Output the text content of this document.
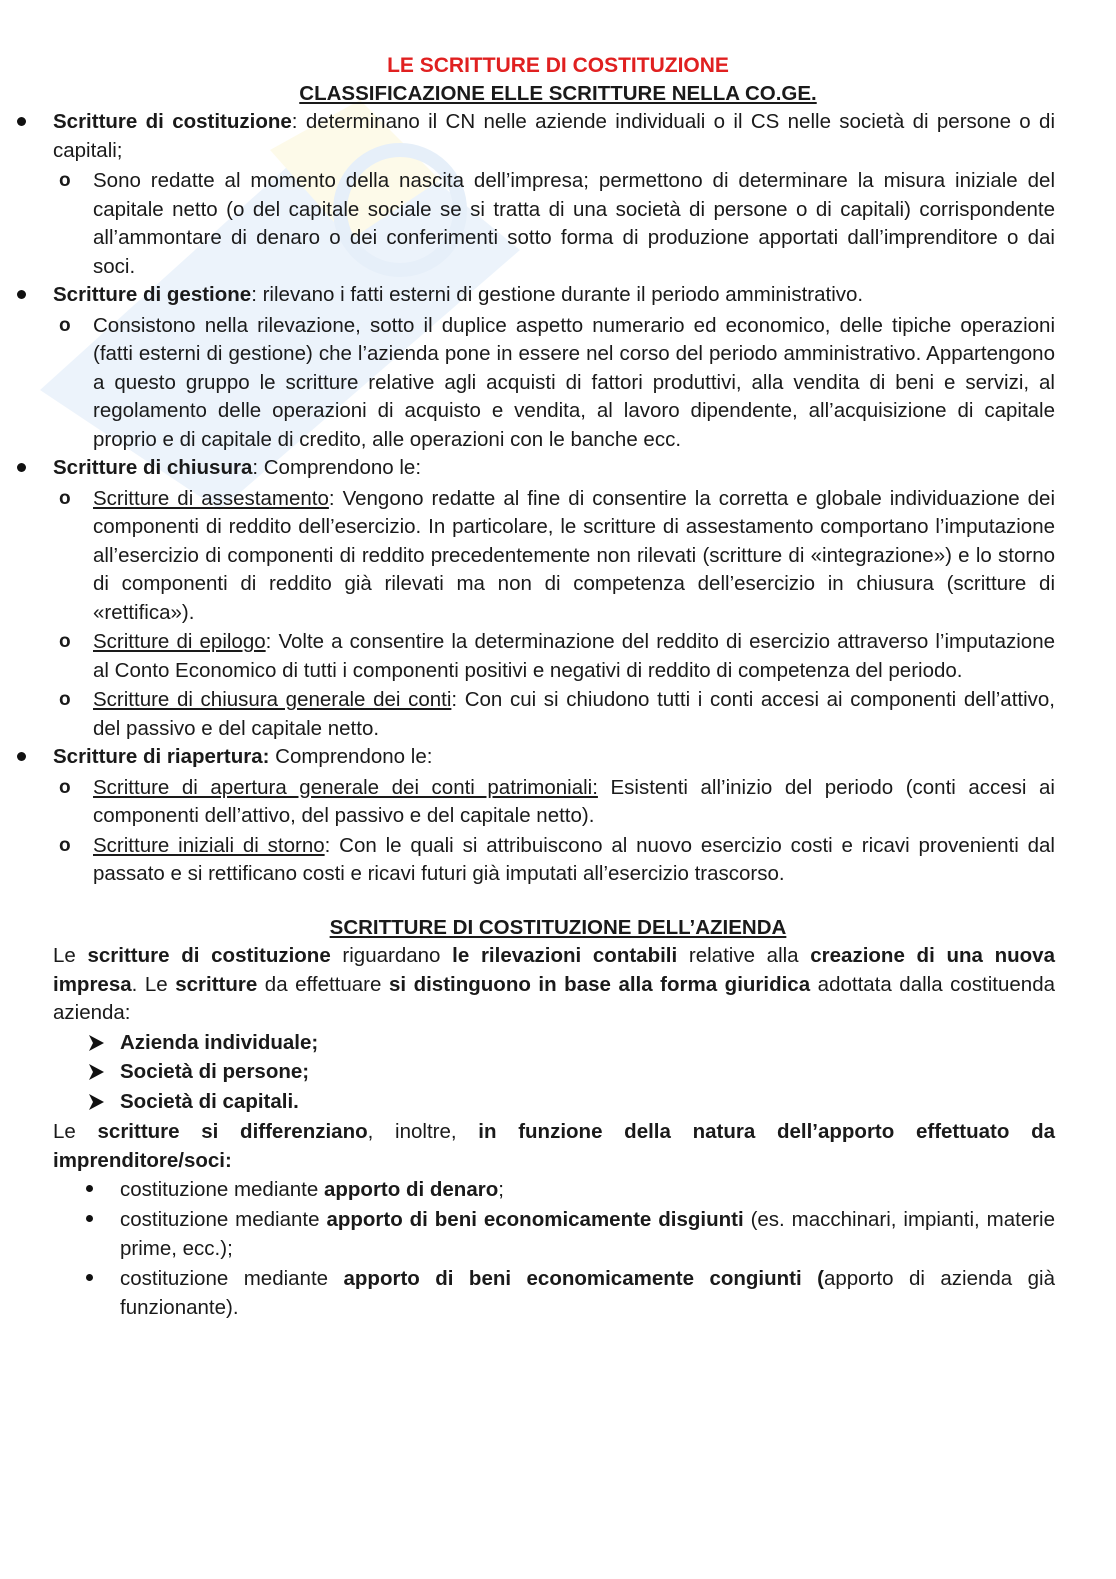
LE SCRITTURE DI COSTITUZIONE

CLASSIFICAZIONE ELLE SCRITTURE NELLA CO.GE.

Scritture di costituzione: determinano il CN nelle aziende individuali o il CS nelle società di persone o di capitali;
o Sono redatte al momento della nascita dell’impresa; permettono di determinare la misura iniziale del capitale netto (o del capitale sociale se si tratta di una società di persone o di capitali) corrispondente all’ammontare di denaro o dei conferimenti sotto forma di produzione apportati dall’imprenditore o dai soci.
Scritture di gestione: rilevano i fatti esterni di gestione durante il periodo amministrativo.
o Consistono nella rilevazione, sotto il duplice aspetto numerario ed economico, delle tipiche operazioni (fatti esterni di gestione) che l’azienda pone in essere nel corso del periodo amministrativo. Appartengono a questo gruppo le scritture relative agli acquisti di fattori produttivi, alla vendita di beni e servizi, al regolamento delle operazioni di acquisto e vendita, al lavoro dipendente, all’acquisizione di capitale proprio e di capitale di credito, alle operazioni con le banche ecc.
Scritture di chiusura: Comprendono le:
o Scritture di assestamento: Vengono redatte al fine di consentire la corretta e globale individuazione dei componenti di reddito dell’esercizio. In particolare, le scritture di assestamento comportano l’imputazione all’esercizio di componenti di reddito precedentemente non rilevati (scritture di «integrazione») e lo storno di componenti di reddito già rilevati ma non di competenza dell’esercizio in chiusura (scritture di «rettifica»).
o Scritture di epilogo: Volte a consentire la determinazione del reddito di esercizio attraverso l’imputazione al Conto Economico di tutti i componenti positivi e negativi di reddito di competenza del periodo.
o Scritture di chiusura generale dei conti: Con cui si chiudono tutti i conti accesi ai componenti dell’attivo, del passivo e del capitale netto.
Scritture di riapertura: Comprendono le:
o Scritture di apertura generale dei conti patrimoniali: Esistenti all’inizio del periodo (conti accesi ai componenti dell’attivo, del passivo e del capitale netto).
o Scritture iniziali di storno: Con le quali si attribuiscono al nuovo esercizio costi e ricavi provenienti dal passato e si rettificano costi e ricavi futuri già imputati all’esercizio trascorso.
SCRITTURE DI COSTITUZIONE DELL’AZIENDA
Le scritture di costituzione riguardano le rilevazioni contabili relative alla creazione di una nuova impresa. Le scritture da effettuare si distinguono in base alla forma giuridica adottata dalla costituenda azienda:
Azienda individuale;
Società di persone;
Società di capitali.
Le scritture si differenziano, inoltre, in funzione della natura dell’apporto effettuato da imprenditore/soci:
costituzione mediante apporto di denaro;
costituzione mediante apporto di beni economicamente disgiunti (es. macchinari, impianti, materie prime, ecc.);
costituzione mediante apporto di beni economicamente congiunti (apporto di azienda già funzionante).
